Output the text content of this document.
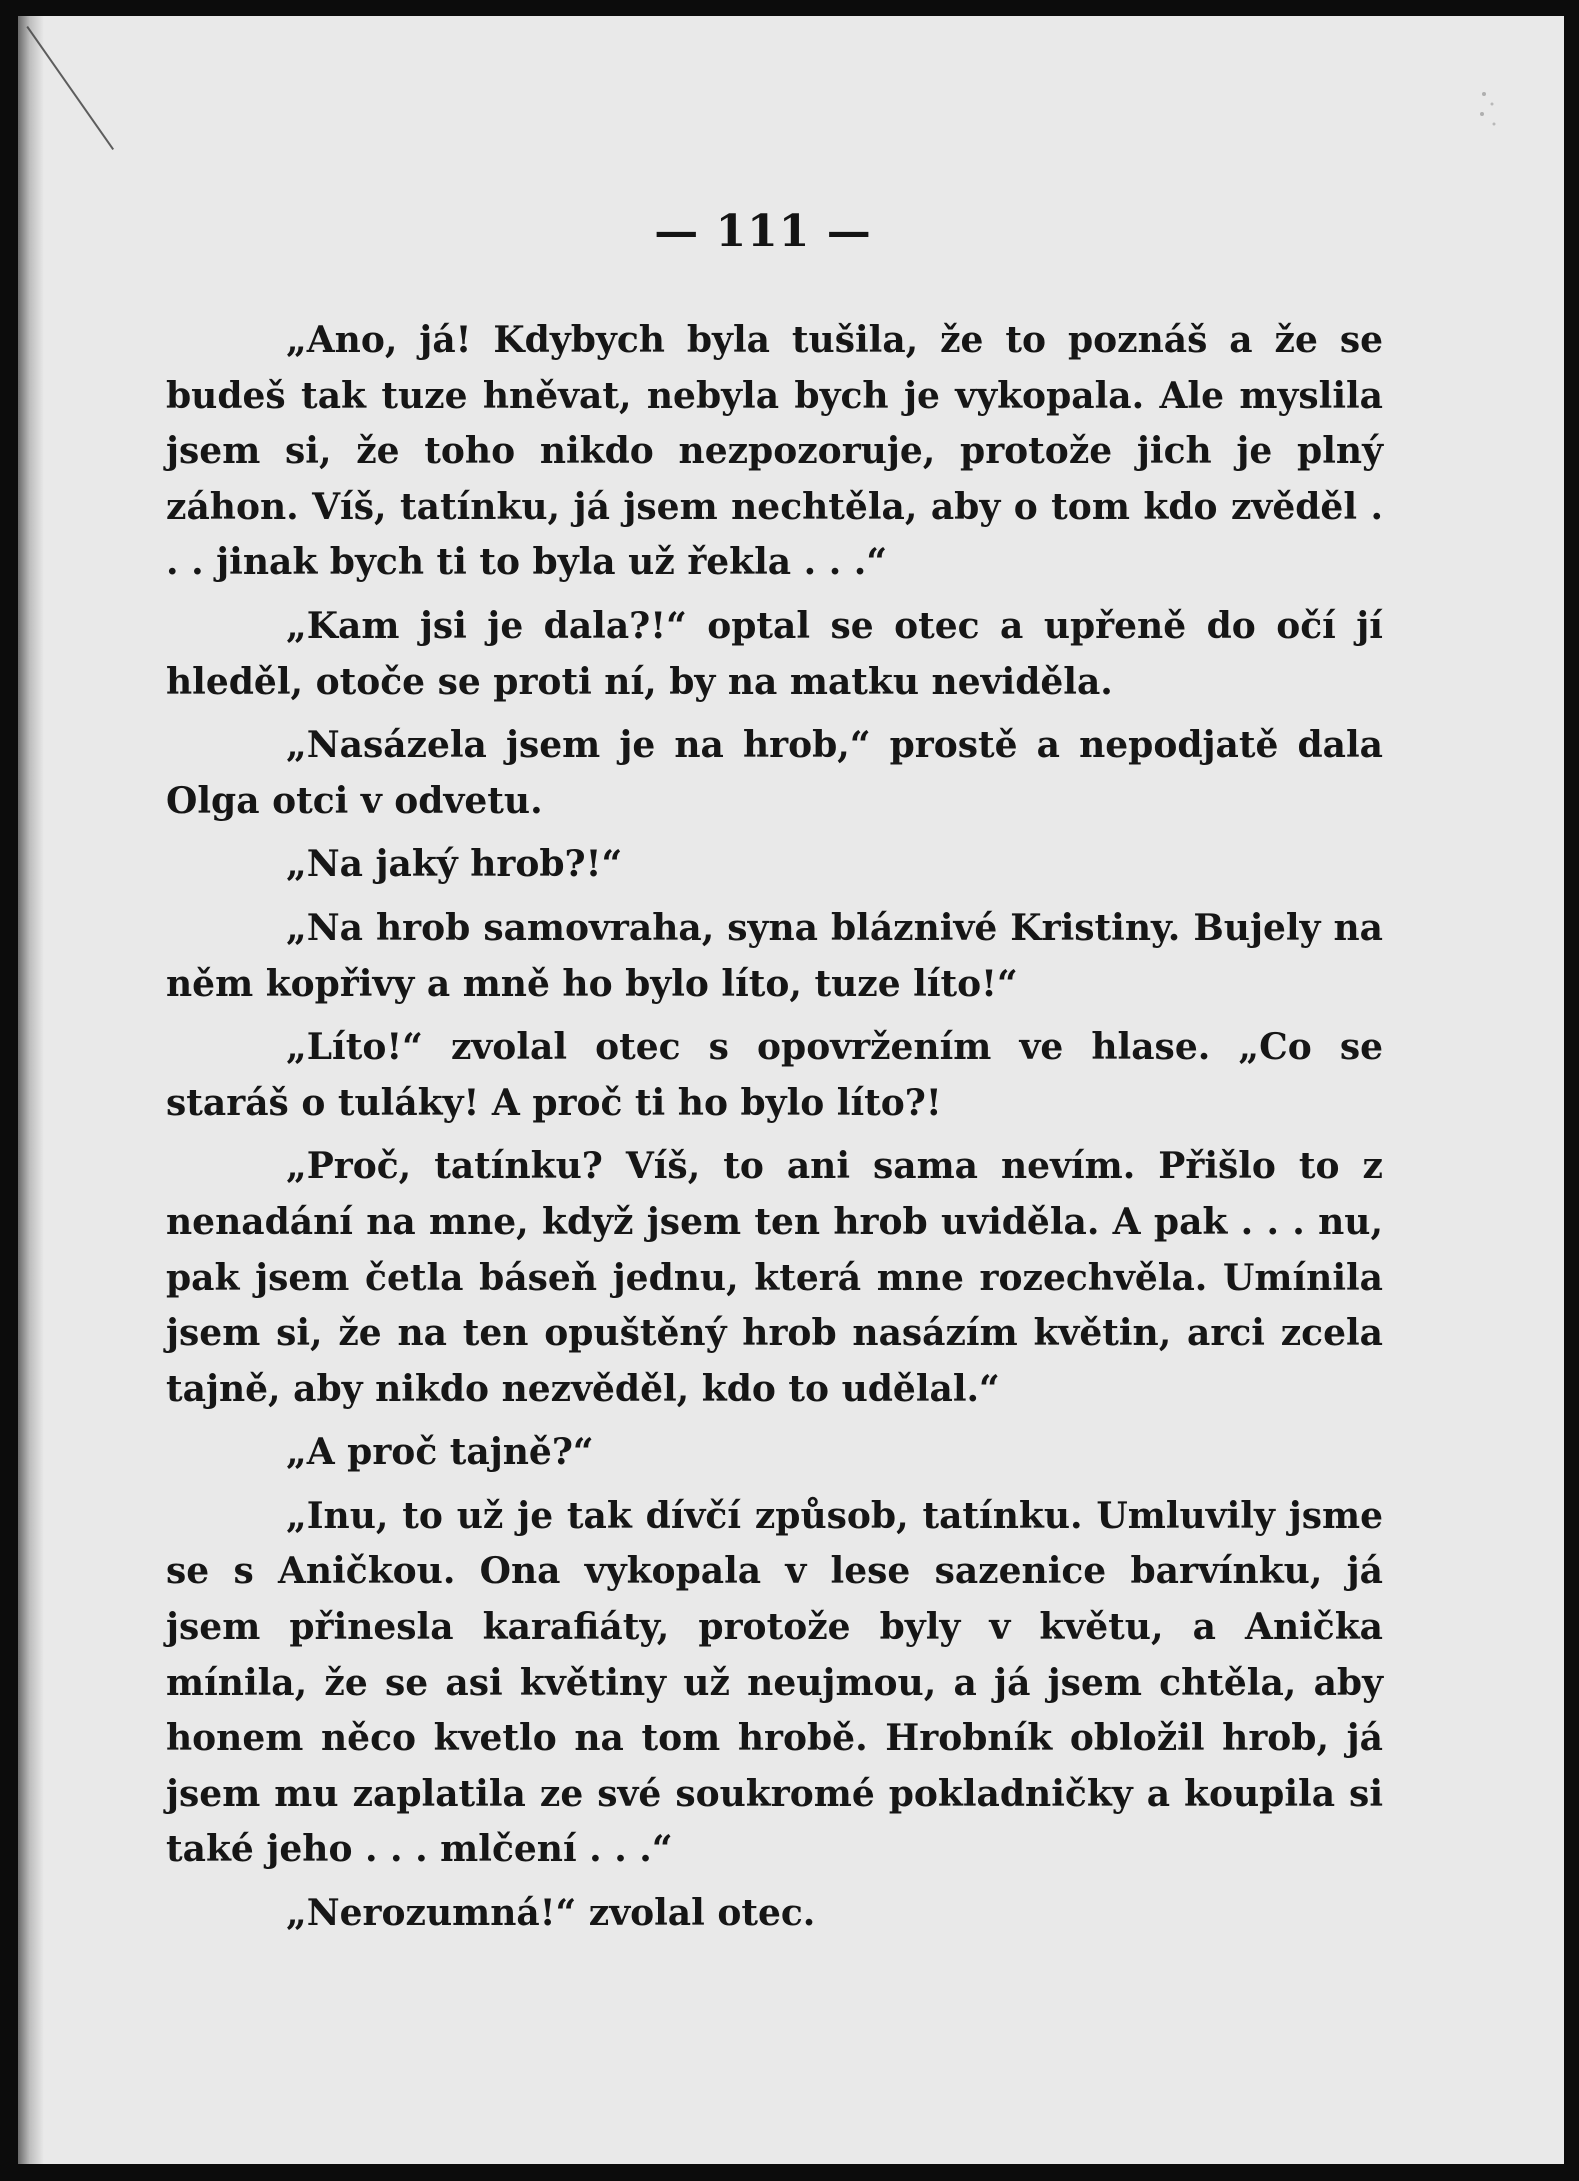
— 111 —

„Ano, já! Kdybych byla tušila, že to poznáš a že se budeš tak tuze hněvat, nebyla bych je vykopala. Ale myslila jsem si, že toho nikdo nezpozoruje, protože jich je plný záhon. Víš, tatínku, já jsem nechtěla, aby o tom kdo zvěděl . . . jinak bych ti to byla už řekla . . .“

„Kam jsi je dala?!“ optal se otec a upřeně do očí jí hleděl, otoče se proti ní, by na matku neviděla.

„Nasázela jsem je na hrob,“ prostě a nepodjatě dala Olga otci v odvetu.

„Na jaký hrob?!“

„Na hrob samovraha, syna bláznivé Kristiny. Bujely na něm kopřivy a mně ho bylo líto, tuze líto!“

„Líto!“ zvolal otec s opovržením ve hlase. „Co se staráš o tuláky! A proč ti ho bylo líto?!

„Proč, tatínku? Víš, to ani sama nevím. Přišlo to z nenadání na mne, když jsem ten hrob uviděla. A pak . . . nu, pak jsem četla báseň jednu, která mne rozechvěla. Umínila jsem si, že na ten opuštěný hrob nasázím květin, arci zcela tajně, aby nikdo nezvěděl, kdo to udělal.“

„A proč tajně?“

„Inu, to už je tak dívčí způsob, tatínku. Umluvily jsme se s Aničkou. Ona vykopala v lese sazenice barvínku, já jsem přinesla karafiáty, protože byly v květu, a Anička mínila, že se asi květiny už neujmou, a já jsem chtěla, aby honem něco kvetlo na tom hrobě. Hrobník obložil hrob, já jsem mu zaplatila ze své soukromé pokladničky a koupila si také jeho . . . mlčení . . .“

„Nerozumná!“ zvolal otec.
